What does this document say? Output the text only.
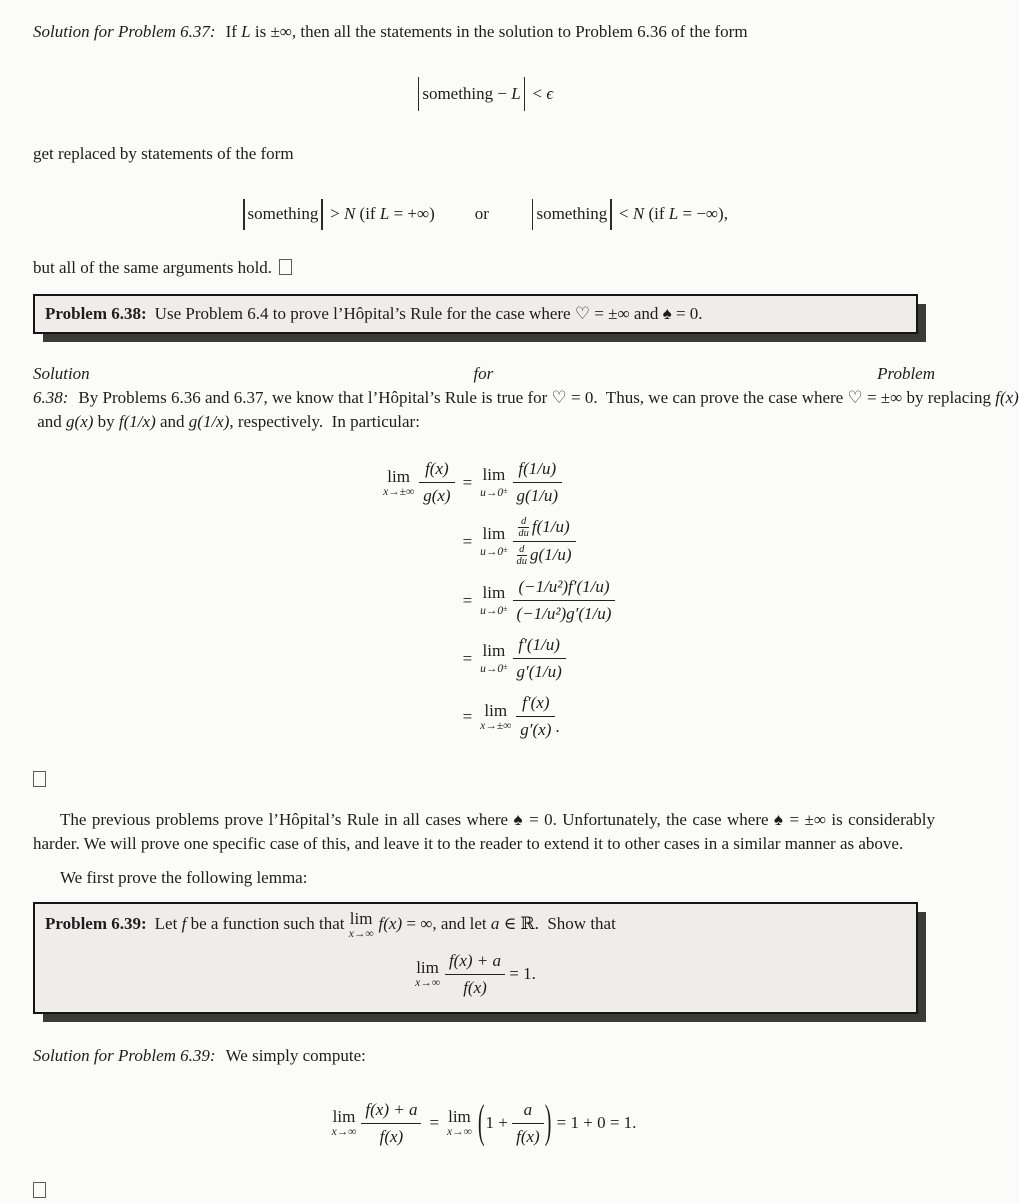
Solution for Problem 6.37: If L is ±∞, then all the statements in the solution to Problem 6.36 of the form

something − L < ϵ

get replaced by statements of the form

something > N (if L = +∞) or	something < N (if L = −∞),

but all of the same arguments hold.

Problem 6.38: Use Problem 6.4 to prove l’Hôpital’s Rule for the case where ♡ = ±∞ and ♠ = 0.

Solution for Problem 6.38: By Problems 6.36 and 6.37, we know that l’Hôpital’s Rule is true for ♡ = 0.  Thus, we can prove the case where ♡ = ±∞ by replacing f(x) and g(x) by f(1/x) and g(1/x), respectively.  In particular:

lim
$x\to\pm\infty \frac{f(x)}{g(x)} = \lim$
$u\to 0^\pm \frac{f(1/u)}{g(1/u)}$
= lim
$u\to 0^\pm \frac{\frac{d}{du} f(1/u)}{\frac{d}{du} g(1/u)}$
= lim
$u\to 0^\pm \frac{\text{(−1/u²)f′(1/u)}}{\text{(−1/u²)g′(1/u)}}$
= lim
$u\to 0^\pm \frac{f'(1/u)}{g'(1/u)}$
= lim
$x\to\pm\infty \frac{f'(x)}{g'(x)}$ .

The previous problems prove l’Hôpital’s Rule in all cases where ♠ = 0. Unfortunately, the case where ♠ = ±∞ is considerably harder. We will prove one specific case of this, and leave it to the reader to extend it to other cases in a similar manner as above.

We first prove the following lemma:

Problem 6.39: Let f be a function such that lim
x→∞
f(x) = ∞, and let a ∈ ℝ.  Show that
lim
$x\to\infty \frac{f(x) + a}{f(x)} = 1$.

Solution for Problem 6.39: We simply compute:

lim
$x\to\infty \frac{f(x) + a}{f(x)} = \lim$
x→∞ ( $1 + \frac{a}{f(x)}$ ) = 1 + 0 = 1.
